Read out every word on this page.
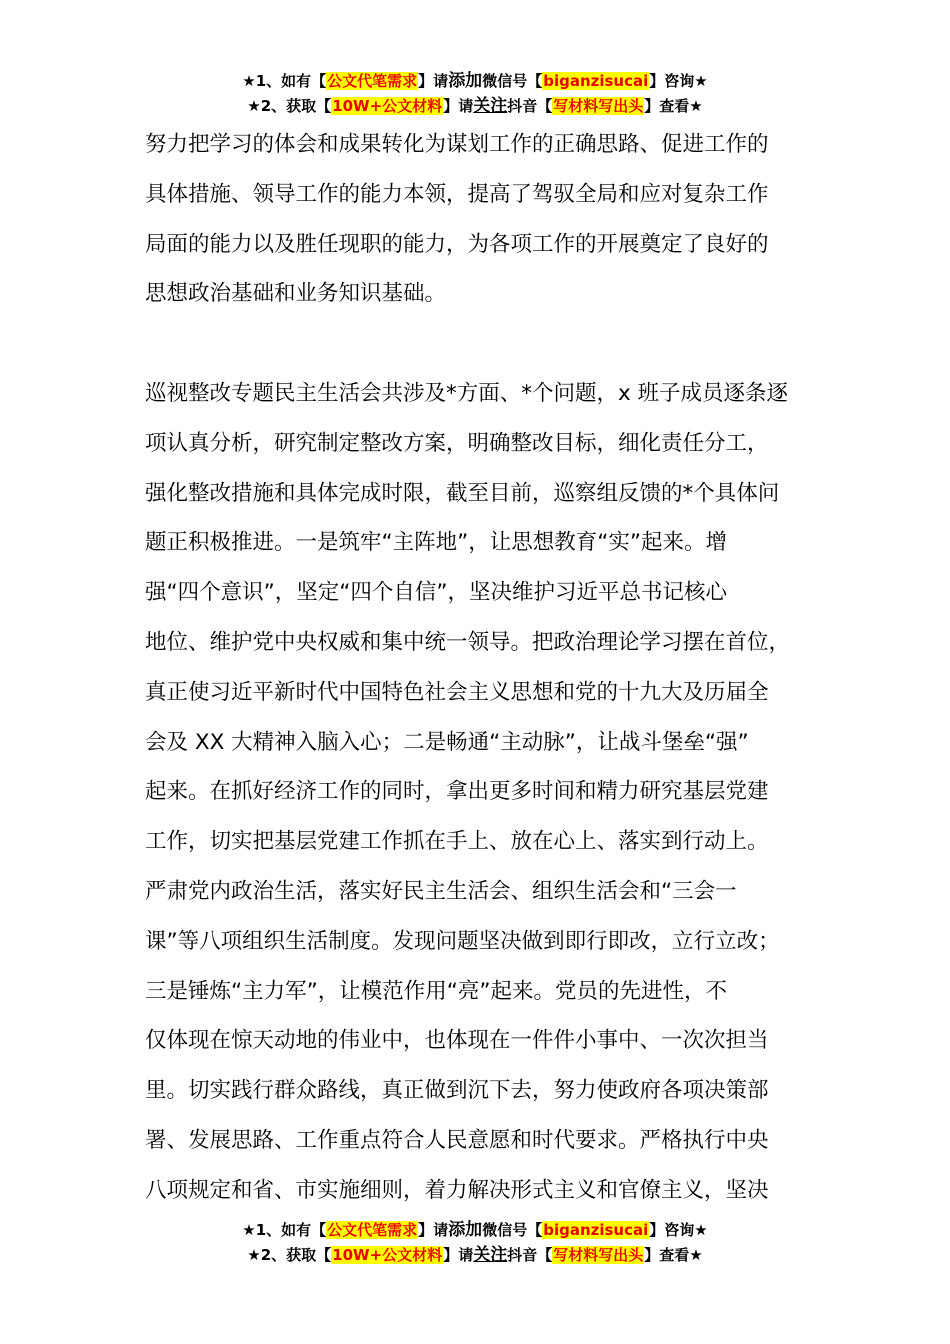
★1、如有【公文代笔需求】请添加微信号【biganzisucai】咨询★
★2、获取【10W+公文材料】请关注抖音【写材料写出头】查看★

努力把学习的体会和成果转化为谋划工作的正确思路、促进工作的
具体措施、领导工作的能力本领，提高了驾驭全局和应对复杂工作
局面的能力以及胜任现职的能力，为各项工作的开展奠定了良好的
思想政治基础和业务知识基础。

巡视整改专题民主生活会共涉及*方面、*个问题，x 班子成员逐条逐
项认真分析，研究制定整改方案，明确整改目标，细化责任分工，
强化整改措施和具体完成时限，截至目前，巡察组反馈的*个具体问
题正积极推进。一是筑牢“主阵地”，让思想教育“实”起来。增
强“四个意识”，坚定“四个自信”，坚决维护习近平总书记核心
地位、维护党中央权威和集中统一领导。把政治理论学习摆在首位，
真正使习近平新时代中国特色社会主义思想和党的十九大及历届全
会及 XX 大精神入脑入心；二是畅通“主动脉”，让战斗堡垒“强”
起来。在抓好经济工作的同时，拿出更多时间和精力研究基层党建
工作，切实把基层党建工作抓在手上、放在心上、落实到行动上。
严肃党内政治生活，落实好民主生活会、组织生活会和“三会一
课”等八项组织生活制度。发现问题坚决做到即行即改，立行立改；
三是锤炼“主力军”，让模范作用“亮”起来。党员的先进性，不
仅体现在惊天动地的伟业中，也体现在一件件小事中、一次次担当
里。切实践行群众路线，真正做到沉下去，努力使政府各项决策部
署、发展思路、工作重点符合人民意愿和时代要求。严格执行中央
八项规定和省、市实施细则，着力解决形式主义和官僚主义，坚决

★1、如有【公文代笔需求】请添加微信号【biganzisucai】咨询★
★2、获取【10W+公文材料】请关注抖音【写材料写出头】查看★
